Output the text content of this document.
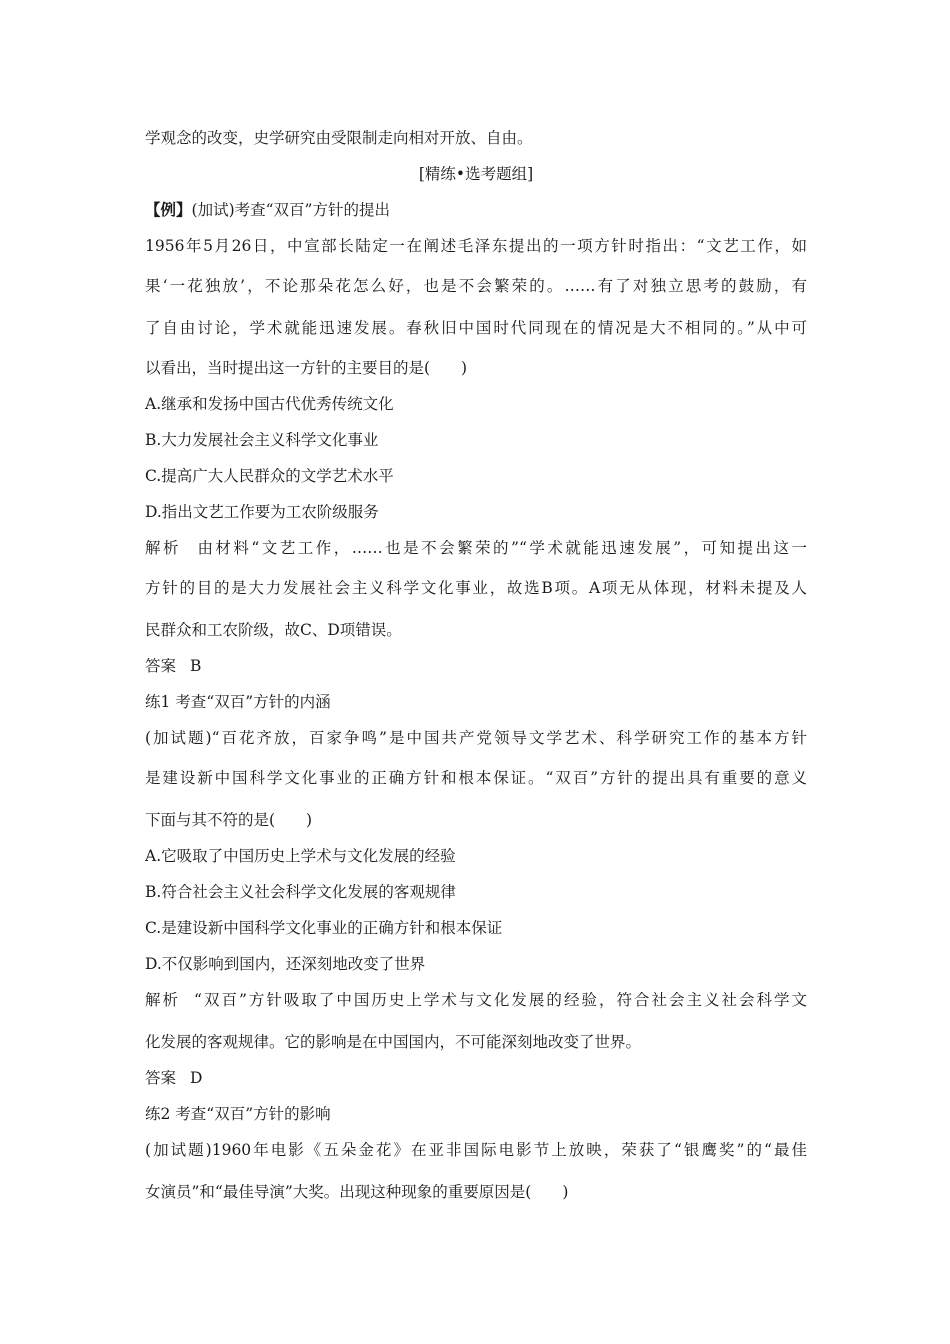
学观念的改变，史学研究由受限制走向相对开放、自由。
[精练•选考题组]
【例】(加试)考查“双百”方针的提出
1956年5月26日，中宣部长陆定一在阐述毛泽东提出的一项方针时指出：“文艺工作，如
果‘一花独放’，不论那朵花怎么好，也是不会繁荣的。……有了对独立思考的鼓励，有
了自由讨论，学术就能迅速发展。春秋旧中国时代同现在的情况是大不相同的。”从中可
以看出，当时提出这一方针的主要目的是(　　)
A.继承和发扬中国古代优秀传统文化
B.大力发展社会主义科学文化事业
C.提高广大人民群众的文学艺术水平
D.指出文艺工作要为工农阶级服务
解析 由材料“文艺工作，……也是不会繁荣的”“学术就能迅速发展”，可知提出这一
方针的目的是大力发展社会主义科学文化事业，故选B项。A项无从体现，材料未提及人
民群众和工农阶级，故C、D项错误。
答案 B
练1 考查“双百”方针的内涵
(加试题)“百花齐放，百家争鸣”是中国共产党领导文学艺术、科学研究工作的基本方针
是建设新中国科学文化事业的正确方针和根本保证。“双百”方针的提出具有重要的意义
下面与其不符的是(　　)
A.它吸取了中国历史上学术与文化发展的经验
B.符合社会主义社会科学文化发展的客观规律
C.是建设新中国科学文化事业的正确方针和根本保证
D.不仅影响到国内，还深刻地改变了世界
解析 “双百”方针吸取了中国历史上学术与文化发展的经验，符合社会主义社会科学文
化发展的客观规律。它的影响是在中国国内，不可能深刻地改变了世界。
答案 D
练2 考查“双百”方针的影响
(加试题)1960年电影《五朵金花》在亚非国际电影节上放映，荣获了“银鹰奖”的“最佳
女演员”和“最佳导演”大奖。出现这种现象的重要原因是(　　)
